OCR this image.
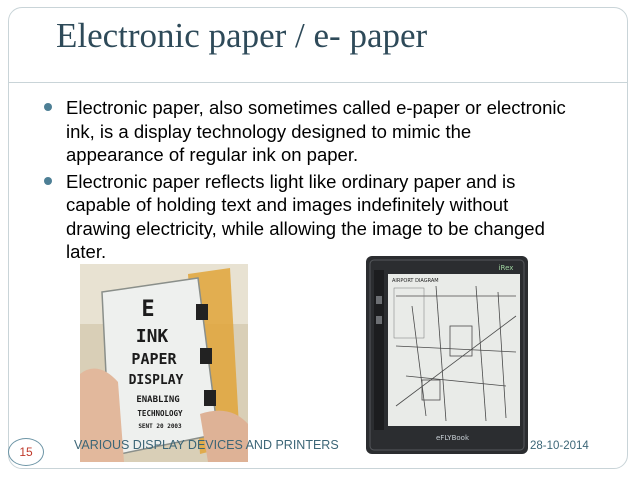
Electronic paper / e- paper
Electronic paper, also sometimes called e-paper or electronic ink, is a display technology designed to mimic the appearance of regular ink on paper.
Electronic paper reflects light like ordinary paper and is capable of holding text and images indefinitely without drawing electricity, while allowing the image to be changed later.
E
INK
PAPER
DISPLAY
ENABLING
TECHNOLOGY
SENT 20 2003
iRex
AIRPORT DIAGRAM
eFLYBook
15	VARIOUS DISPLAY DEVICES AND PRINTERS	28-10-2014
